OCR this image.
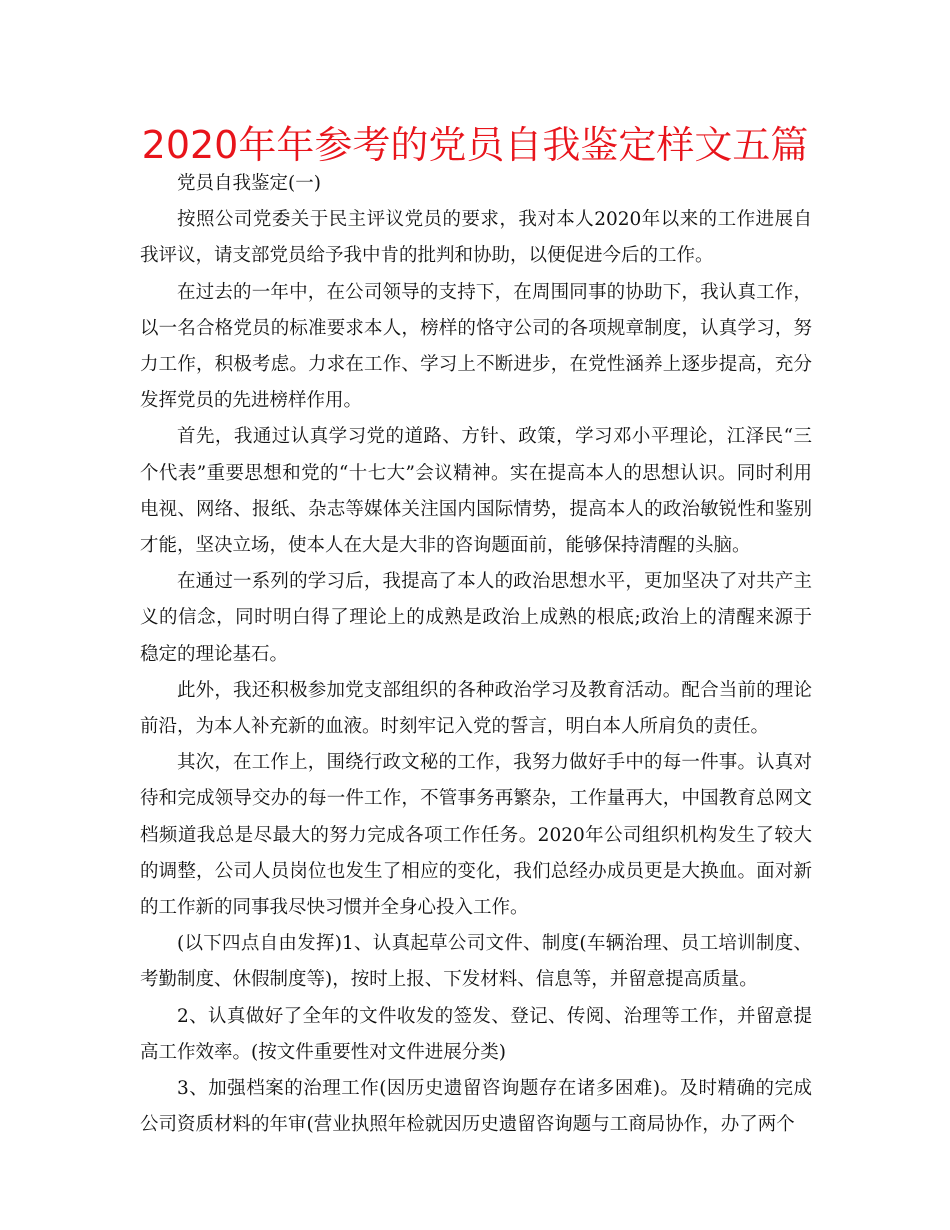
2020年年参考的党员自我鉴定样文五篇

党员自我鉴定(一)

按照公司党委关于民主评议党员的要求，我对本人2020年以来的工作进展自我评议，请支部党员给予我中肯的批判和协助，以便促进今后的工作。

在过去的一年中，在公司领导的支持下，在周围同事的协助下，我认真工作，以一名合格党员的标准要求本人，榜样的恪守公司的各项规章制度，认真学习，努力工作，积极考虑。力求在工作、学习上不断进步，在党性涵养上逐步提高，充分发挥党员的先进榜样作用。

首先，我通过认真学习党的道路、方针、政策，学习邓小平理论，江泽民“三个代表”重要思想和党的“十七大”会议精神。实在提高本人的思想认识。同时利用电视、网络、报纸、杂志等媒体关注国内国际情势，提高本人的政治敏锐性和鉴别才能，坚决立场，使本人在大是大非的咨询题面前，能够保持清醒的头脑。

在通过一系列的学习后，我提高了本人的政治思想水平，更加坚决了对共产主义的信念，同时明白得了理论上的成熟是政治上成熟的根底;政治上的清醒来源于稳定的理论基石。

此外，我还积极参加党支部组织的各种政治学习及教育活动。配合当前的理论前沿，为本人补充新的血液。时刻牢记入党的誓言，明白本人所肩负的责任。

其次，在工作上，围绕行政文秘的工作，我努力做好手中的每一件事。认真对待和完成领导交办的每一件工作，不管事务再繁杂，工作量再大，中国教育总网文档频道我总是尽最大的努力完成各项工作任务。2020年公司组织机构发生了较大的调整，公司人员岗位也发生了相应的变化，我们总经办成员更是大换血。面对新的工作新的同事我尽快习惯并全身心投入工作。

(以下四点自由发挥)1、认真起草公司文件、制度(车辆治理、员工培训制度、考勤制度、休假制度等)，按时上报、下发材料、信息等，并留意提高质量。

2、认真做好了全年的文件收发的签发、登记、传阅、治理等工作，并留意提高工作效率。(按文件重要性对文件进展分类)

3、加强档案的治理工作(因历史遗留咨询题存在诸多困难)。及时精确的完成公司资质材料的年审(营业执照年检就因历史遗留咨询题与工商局协作，办了两个
